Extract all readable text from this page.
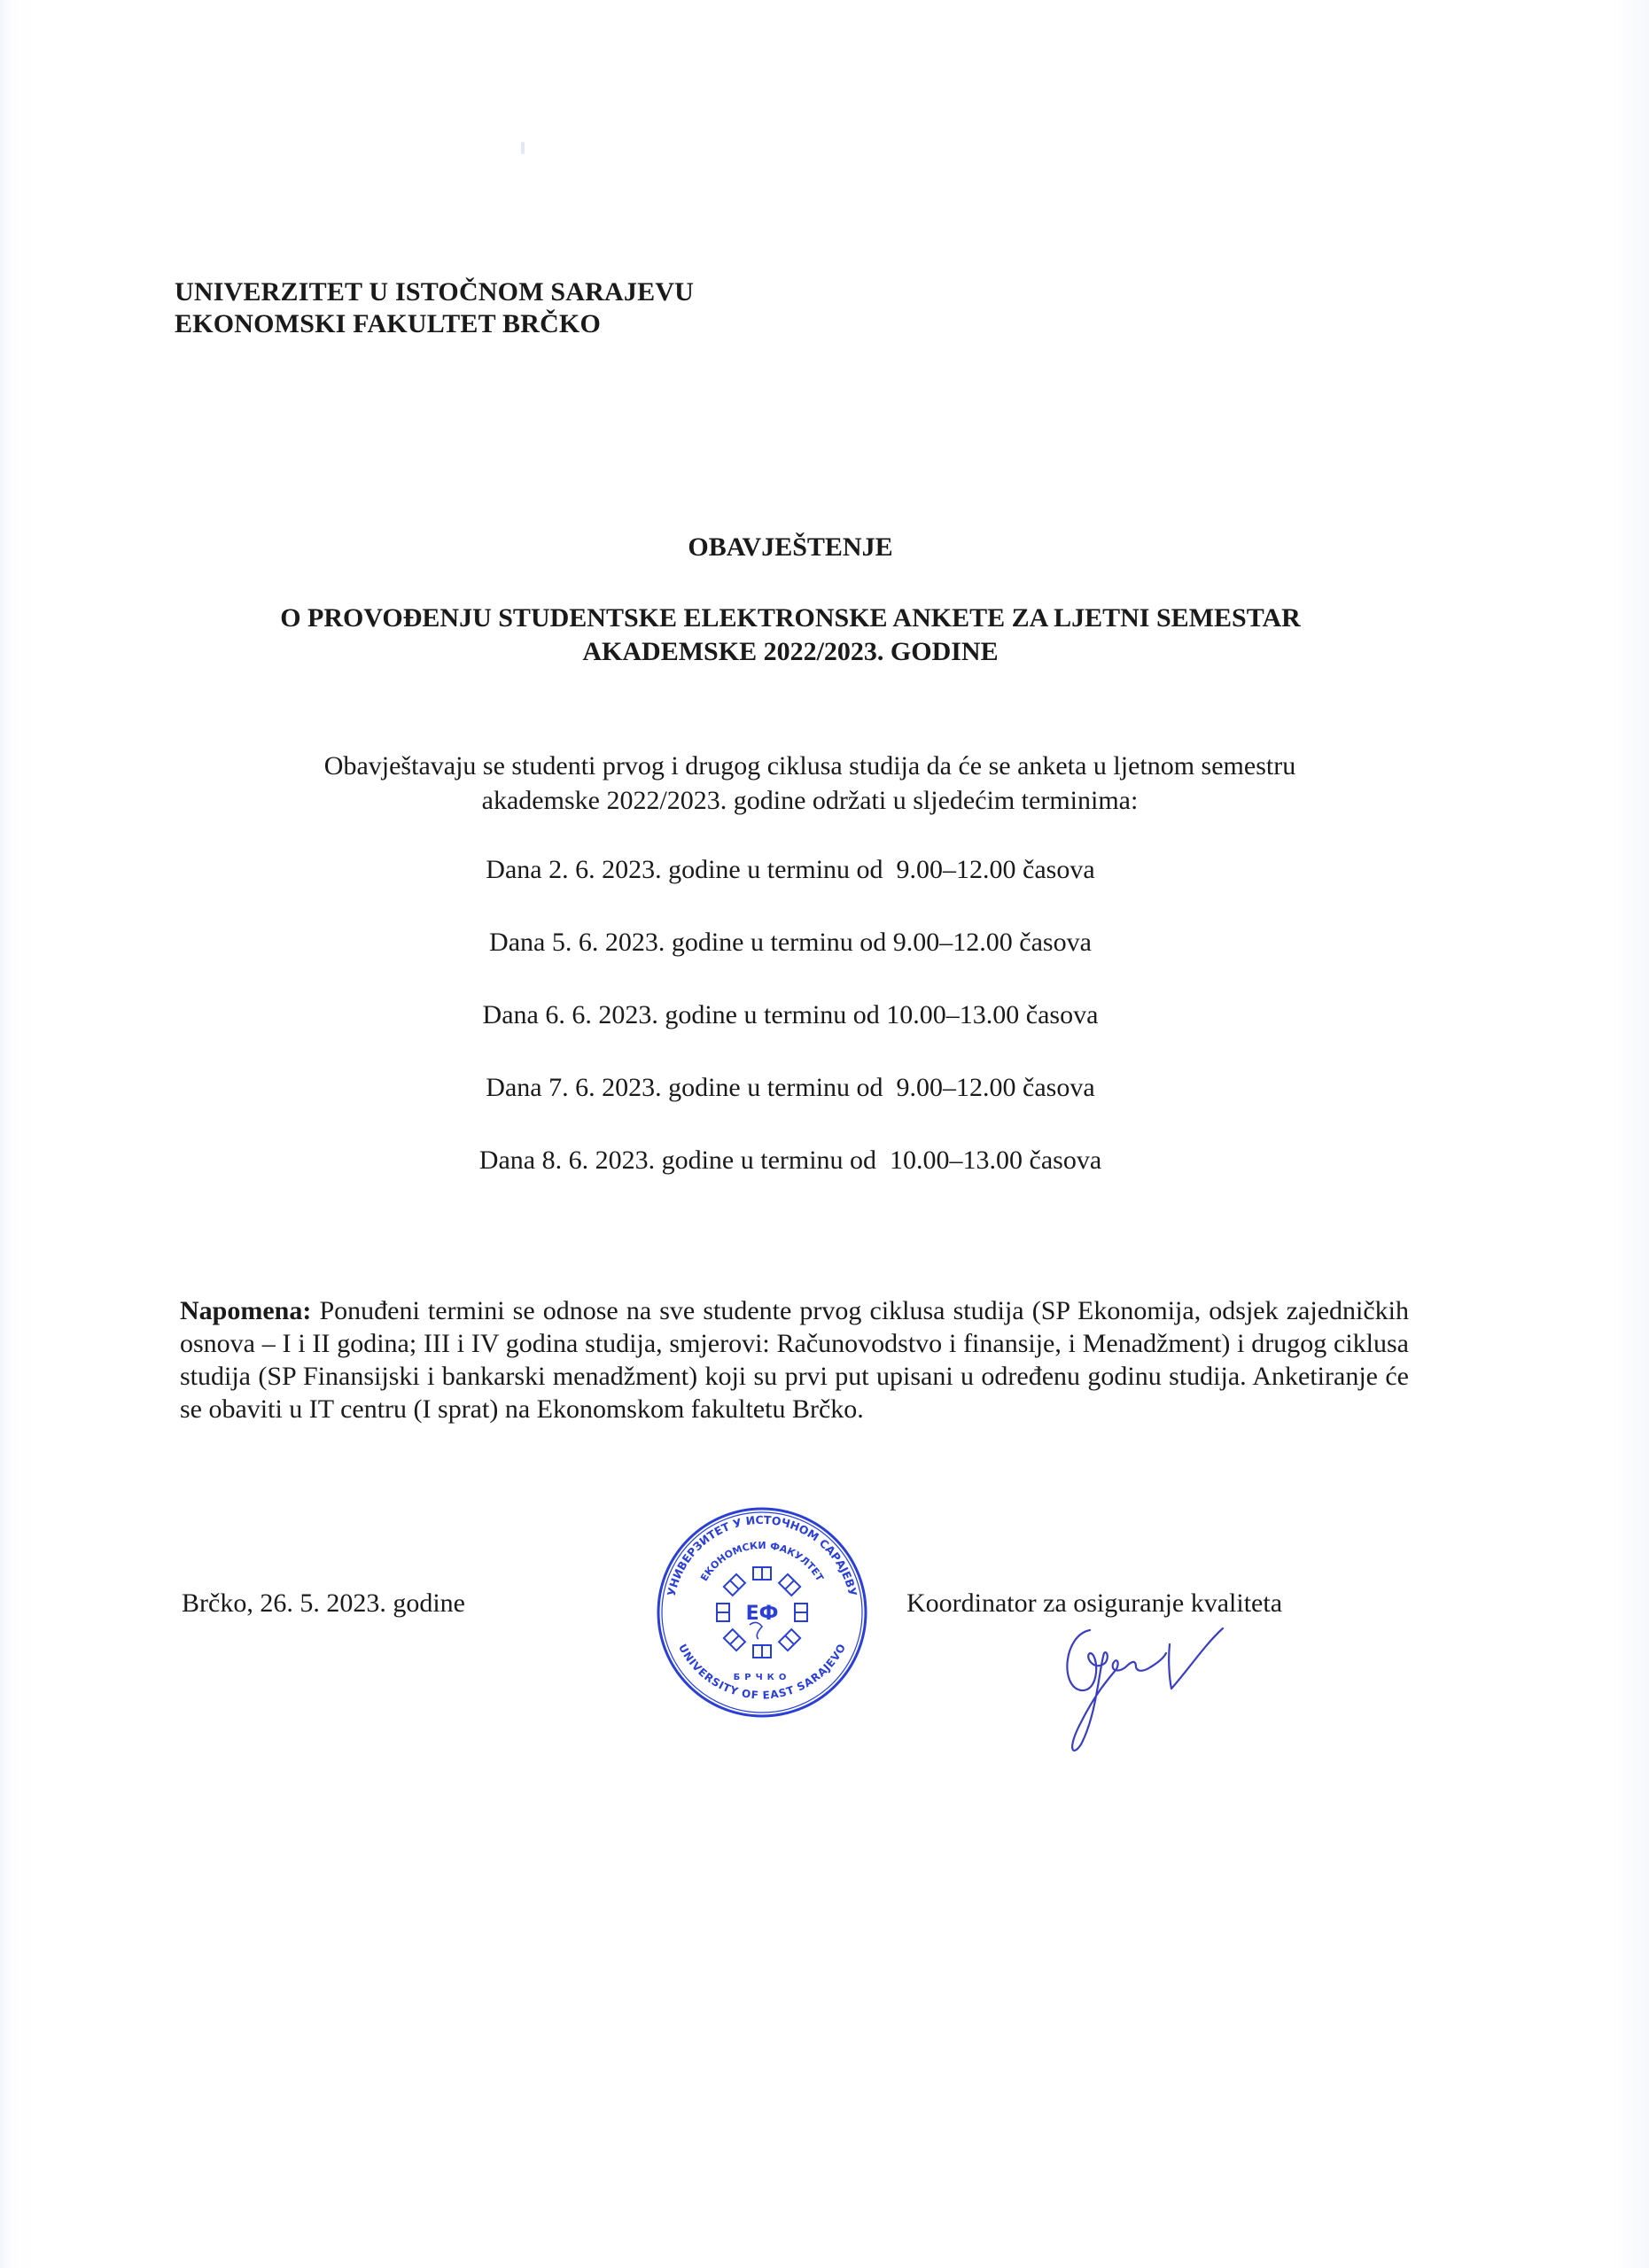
UNIVERZITET U ISTOČNOM SARAJEVU
EKONOMSKI FAKULTET BRČKO
OBAVJEŠTENJE
O PROVOĐENJU STUDENTSKE ELEKTRONSKE ANKETE ZA LJETNI SEMESTAR
AKADEMSKE 2022/2023. GODINE
Obavještavaju se studenti prvog i drugog ciklusa studija da će se anketa u ljetnom semestru
akademske 2022/2023. godine održati u sljedećim terminima:
Dana 2. 6. 2023. godine u terminu od  9.00–12.00 časova
Dana 5. 6. 2023. godine u terminu od 9.00–12.00 časova
Dana 6. 6. 2023. godine u terminu od 10.00–13.00 časova
Dana 7. 6. 2023. godine u terminu od  9.00–12.00 časova
Dana 8. 6. 2023. godine u terminu od  10.00–13.00 časova
Napomena: Ponuđeni termini se odnose na sve studente prvog ciklusa studija (SP Ekonomija, odsjek zajedničkih osnova – I i II godina; III i IV godina studija, smjerovi: Računovodstvo i finansije, i Menadžment) i drugog ciklusa studija (SP Finansijski i bankarski menadžment) koji su prvi put upisani u određenu godinu studija. Anketiranje će se obaviti u IT centru (I sprat) na Ekonomskom fakultetu Brčko.
Brčko, 26. 5. 2023. godine	УНИВЕРЗИТЕТ У ИСТОЧНОМ САРАЈЕВУ
UNIVERSITY OF EAST SARAJEVO
ЕКОНОМСКИ ФАКУЛТЕТ
ЕФ
БРЧКО
Koordinator za osiguranje kvaliteta
